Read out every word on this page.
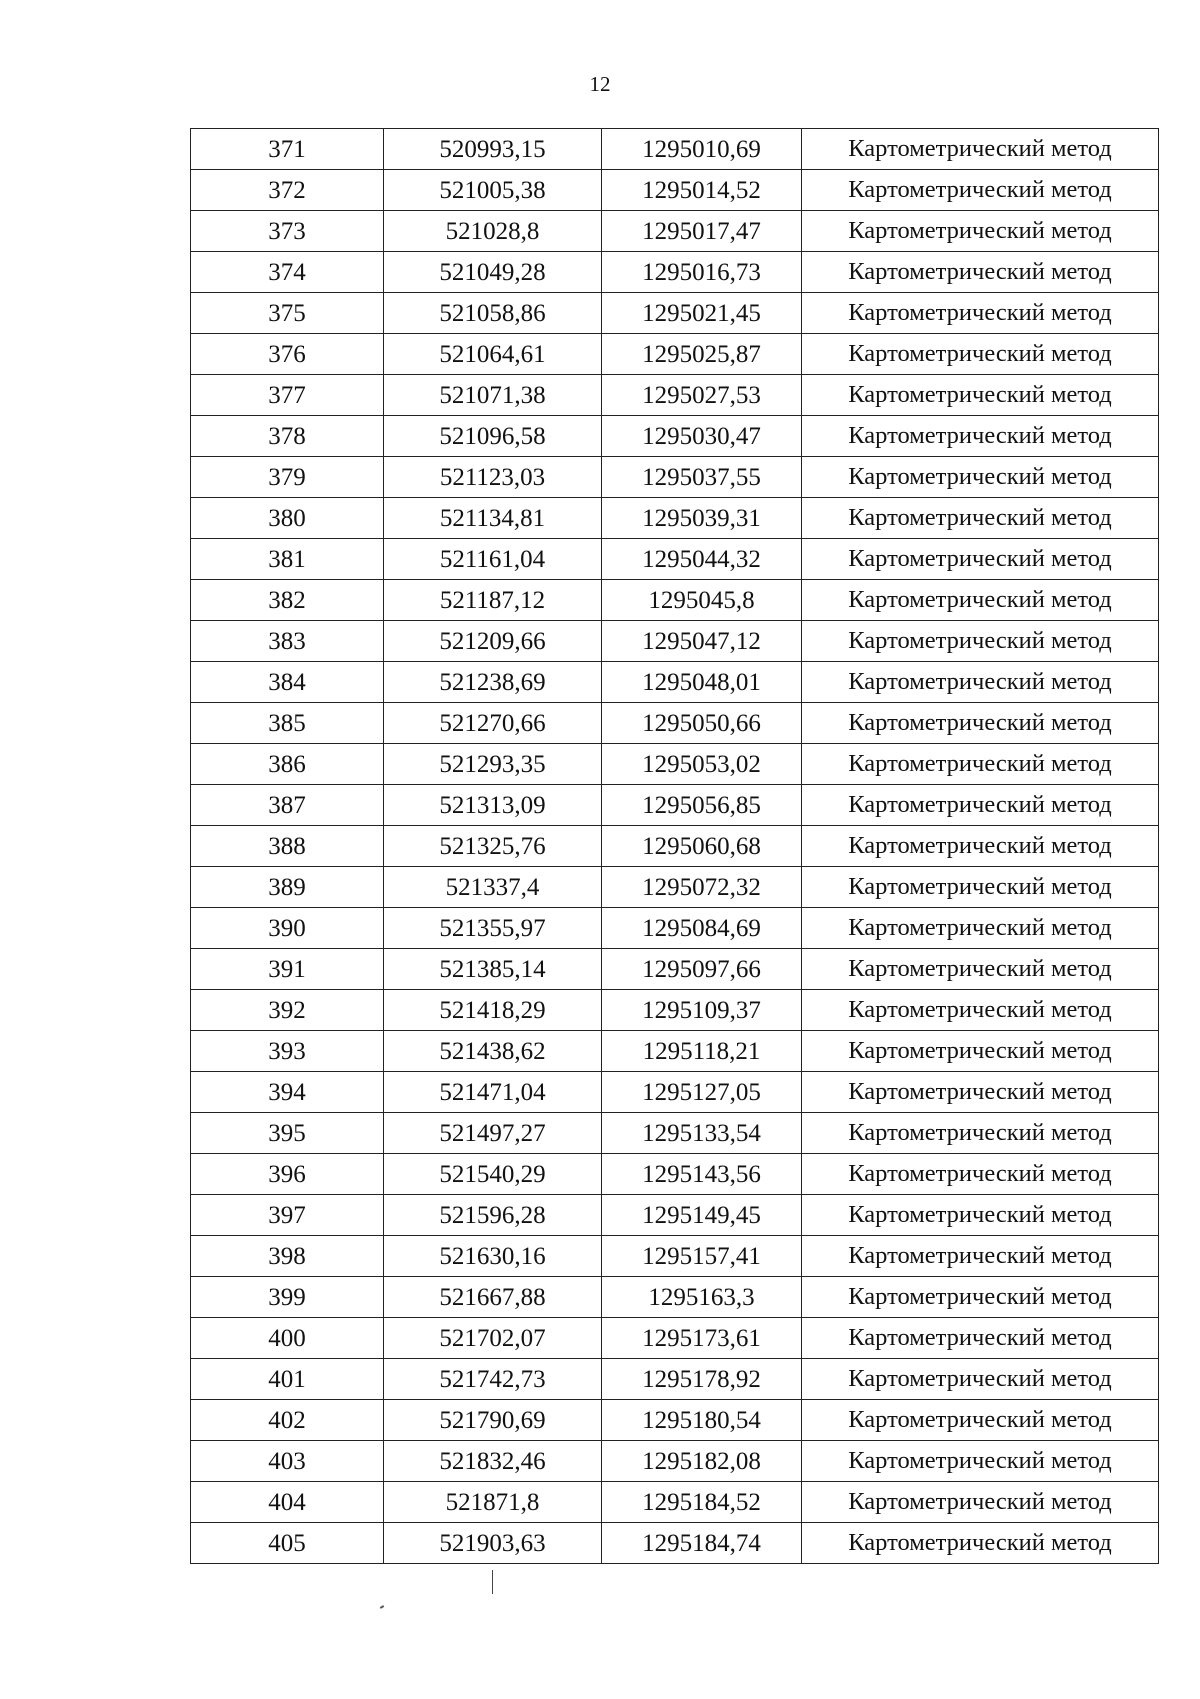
12
371	520993,15	1295010,69	Картометрический метод
372	521005,38	1295014,52	Картометрический метод
373	521028,8	1295017,47	Картометрический метод
374	521049,28	1295016,73	Картометрический метод
375	521058,86	1295021,45	Картометрический метод
376	521064,61	1295025,87	Картометрический метод
377	521071,38	1295027,53	Картометрический метод
378	521096,58	1295030,47	Картометрический метод
379	521123,03	1295037,55	Картометрический метод
380	521134,81	1295039,31	Картометрический метод
381	521161,04	1295044,32	Картометрический метод
382	521187,12	1295045,8	Картометрический метод
383	521209,66	1295047,12	Картометрический метод
384	521238,69	1295048,01	Картометрический метод
385	521270,66	1295050,66	Картометрический метод
386	521293,35	1295053,02	Картометрический метод
387	521313,09	1295056,85	Картометрический метод
388	521325,76	1295060,68	Картометрический метод
389	521337,4	1295072,32	Картометрический метод
390	521355,97	1295084,69	Картометрический метод
391	521385,14	1295097,66	Картометрический метод
392	521418,29	1295109,37	Картометрический метод
393	521438,62	1295118,21	Картометрический метод
394	521471,04	1295127,05	Картометрический метод
395	521497,27	1295133,54	Картометрический метод
396	521540,29	1295143,56	Картометрический метод
397	521596,28	1295149,45	Картометрический метод
398	521630,16	1295157,41	Картометрический метод
399	521667,88	1295163,3	Картометрический метод
400	521702,07	1295173,61	Картометрический метод
401	521742,73	1295178,92	Картометрический метод
402	521790,69	1295180,54	Картометрический метод
403	521832,46	1295182,08	Картометрический метод
404	521871,8	1295184,52	Картометрический метод
405	521903,63	1295184,74	Картометрический метод
